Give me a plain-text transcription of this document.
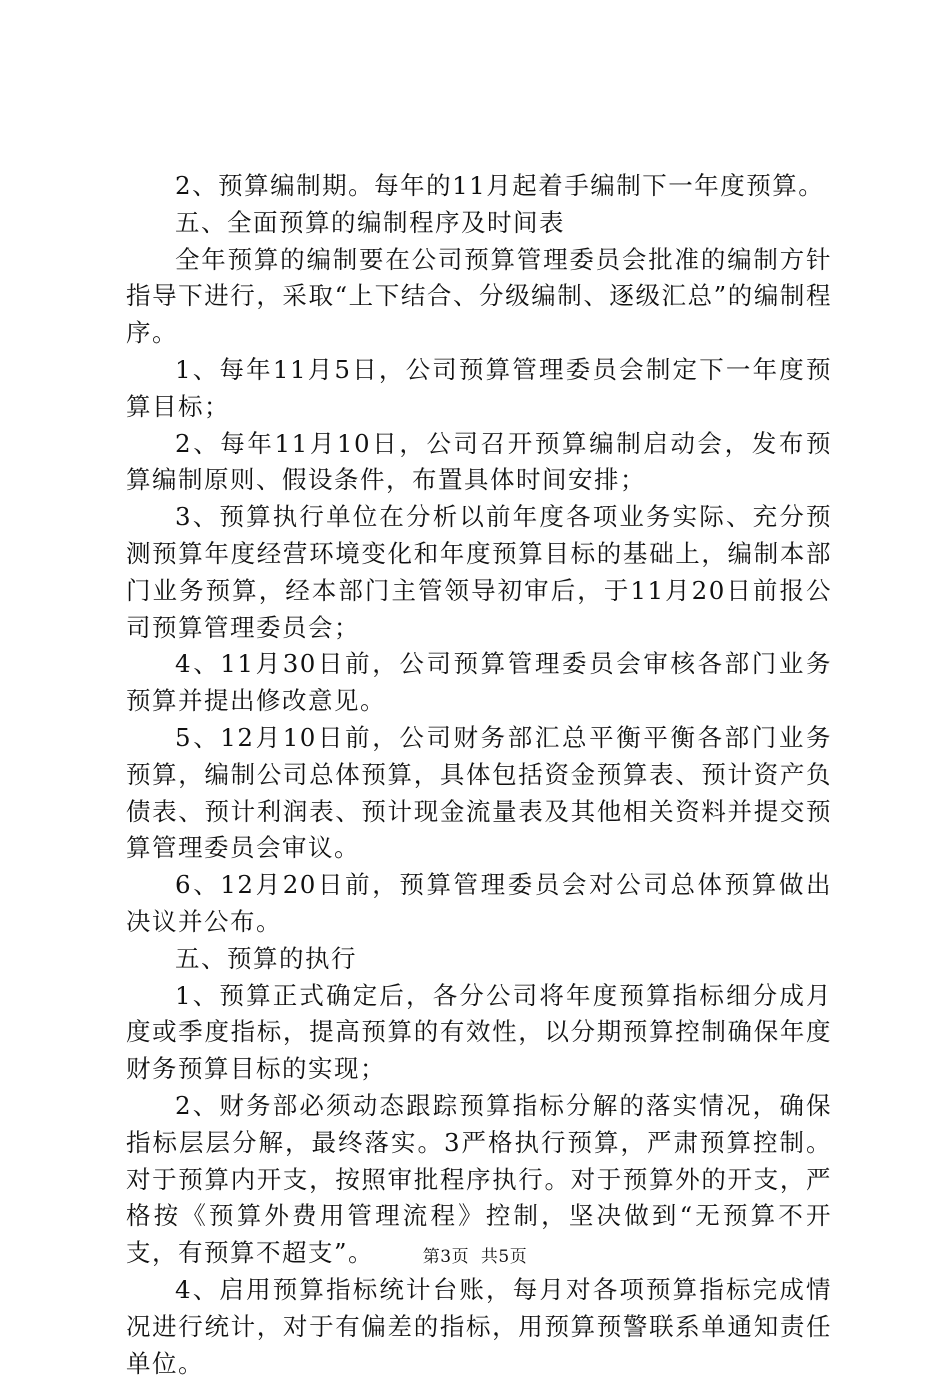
2、预算编制期。每年的11月起着手编制下一年度预算。

五、全面预算的编制程序及时间表

全年预算的编制要在公司预算管理委员会批准的编制方针指导下进行，采取“上下结合、分级编制、逐级汇总”的编制程序。

1、每年11月5日，公司预算管理委员会制定下一年度预算目标；

2、每年11月10日，公司召开预算编制启动会，发布预算编制原则、假设条件，布置具体时间安排；

3、预算执行单位在分析以前年度各项业务实际、充分预测预算年度经营环境变化和年度预算目标的基础上，编制本部门业务预算，经本部门主管领导初审后，于11月20日前报公司预算管理委员会；

4、11月30日前，公司预算管理委员会审核各部门业务预算并提出修改意见。

5、12月10日前，公司财务部汇总平衡平衡各部门业务预算，编制公司总体预算，具体包括资金预算表、预计资产负债表、预计利润表、预计现金流量表及其他相关资料并提交预算管理委员会审议。

6、12月20日前，预算管理委员会对公司总体预算做出决议并公布。

五、预算的执行

1、预算正式确定后，各分公司将年度预算指标细分成月度或季度指标，提高预算的有效性，以分期预算控制确保年度财务预算目标的实现；

2、财务部必须动态跟踪预算指标分解的落实情况，确保指标层层分解，最终落实。3严格执行预算，严肃预算控制。对于预算内开支，按照审批程序执行。对于预算外的开支，严格按《预算外费用管理流程》控制，坚决做到“无预算不开支，有预算不超支”。

4、启用预算指标统计台账，每月对各项预算指标完成情况进行统计，对于有偏差的指标，用预算预警联系单通知责任单位。

第3页 共5页
